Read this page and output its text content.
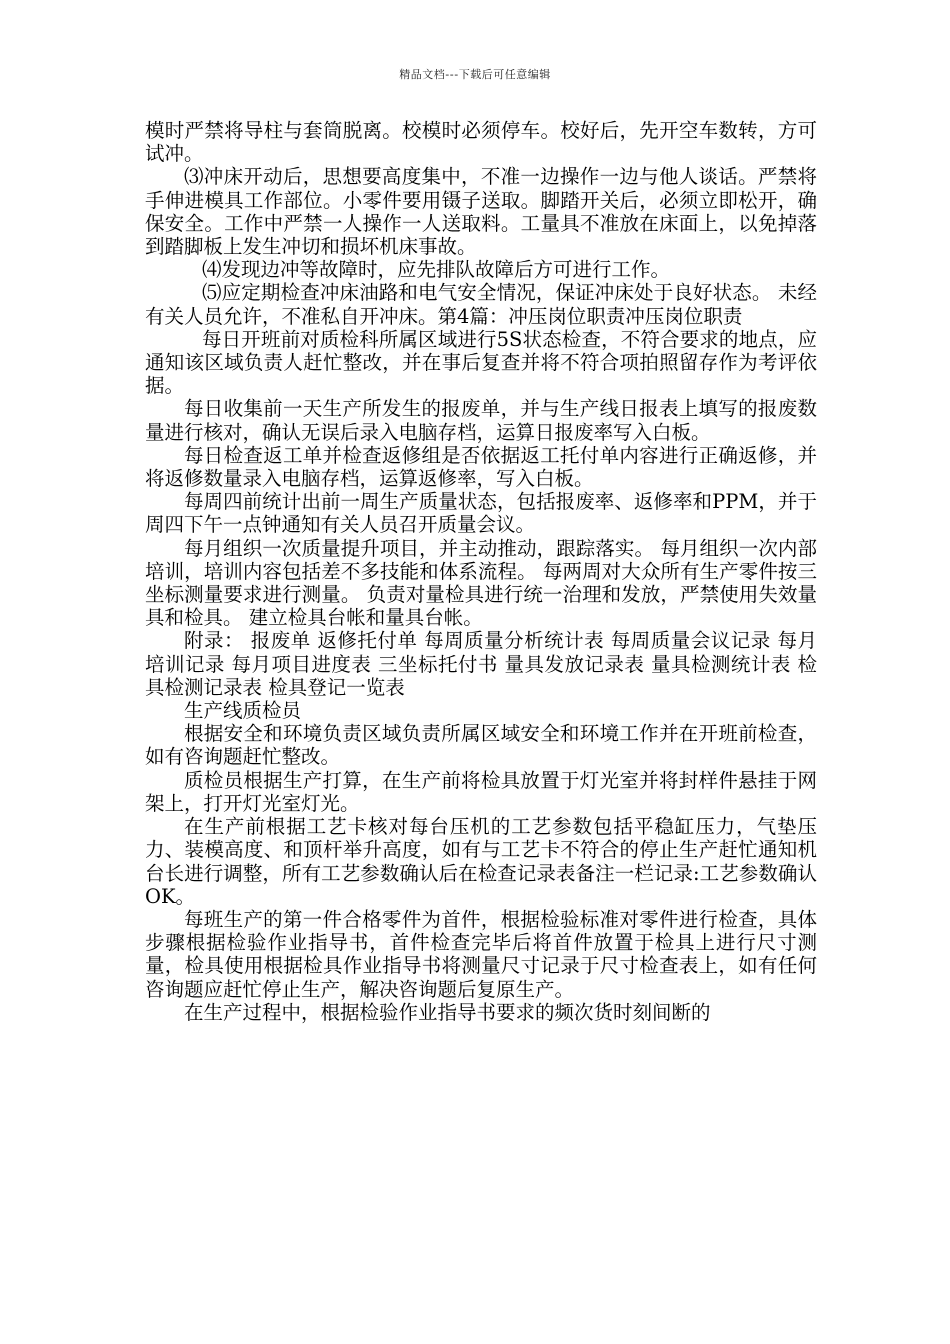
精品文档---下载后可任意编辑

模时严禁将导柱与套筒脱离。校模时必须停车。校好后，先开空车数转，方可试冲。

⑶冲床开动后，思想要高度集中，不准一边操作一边与他人谈话。严禁将手伸进模具工作部位。小零件要用镊子送取。脚踏开关后，必须立即松开，确保安全。工作中严禁一人操作一人送取料。工量具不准放在床面上，以免掉落到踏脚板上发生冲切和损坏机床事故。

⑷发现边冲等故障时，应先排队故障后方可进行工作。

⑸应定期检查冲床油路和电气安全情况，保证冲床处于良好状态。 未经有关人员允许，不准私自开冲床。第4篇：冲压岗位职责冲压岗位职责

每日开班前对质检科所属区域进行5S状态检查，不符合要求的地点，应通知该区域负责人赶忙整改，并在事后复查并将不符合项拍照留存作为考评依据。

每日收集前一天生产所发生的报废单，并与生产线日报表上填写的报废数量进行核对，确认无误后录入电脑存档，运算日报废率写入白板。

每日检查返工单并检查返修组是否依据返工托付单内容进行正确返修，并将返修数量录入电脑存档，运算返修率，写入白板。

每周四前统计出前一周生产质量状态，包括报废率、返修率和PPM，并于周四下午一点钟通知有关人员召开质量会议。

每月组织一次质量提升项目，并主动推动，跟踪落实。 每月组织一次内部培训，培训内容包括差不多技能和体系流程。 每两周对大众所有生产零件按三坐标测量要求进行测量。 负责对量检具进行统一治理和发放，严禁使用失效量具和检具。 建立检具台帐和量具台帐。

附录： 报废单 返修托付单 每周质量分析统计表 每周质量会议记录 每月培训记录 每月项目进度表 三坐标托付书 量具发放记录表 量具检测统计表 检具检测记录表 检具登记一览表

生产线质检员

根据安全和环境负责区域负责所属区域安全和环境工作并在开班前检查，如有咨询题赶忙整改。

质检员根据生产打算，在生产前将检具放置于灯光室并将封样件悬挂于网架上，打开灯光室灯光。

在生产前根据工艺卡核对每台压机的工艺参数包括平稳缸压力，气垫压力、装模高度、和顶杆举升高度，如有与工艺卡不符合的停止生产赶忙通知机台长进行调整，所有工艺参数确认后在检查记录表备注一栏记录:工艺参数确认OK。

每班生产的第一件合格零件为首件，根据检验标准对零件进行检查，具体步骤根据检验作业指导书，首件检查完毕后将首件放置于检具上进行尺寸测量，检具使用根据检具作业指导书将测量尺寸记录于尺寸检查表上，如有任何咨询题应赶忙停止生产，解决咨询题后复原生产。

在生产过程中，根据检验作业指导书要求的频次货时刻间断的
